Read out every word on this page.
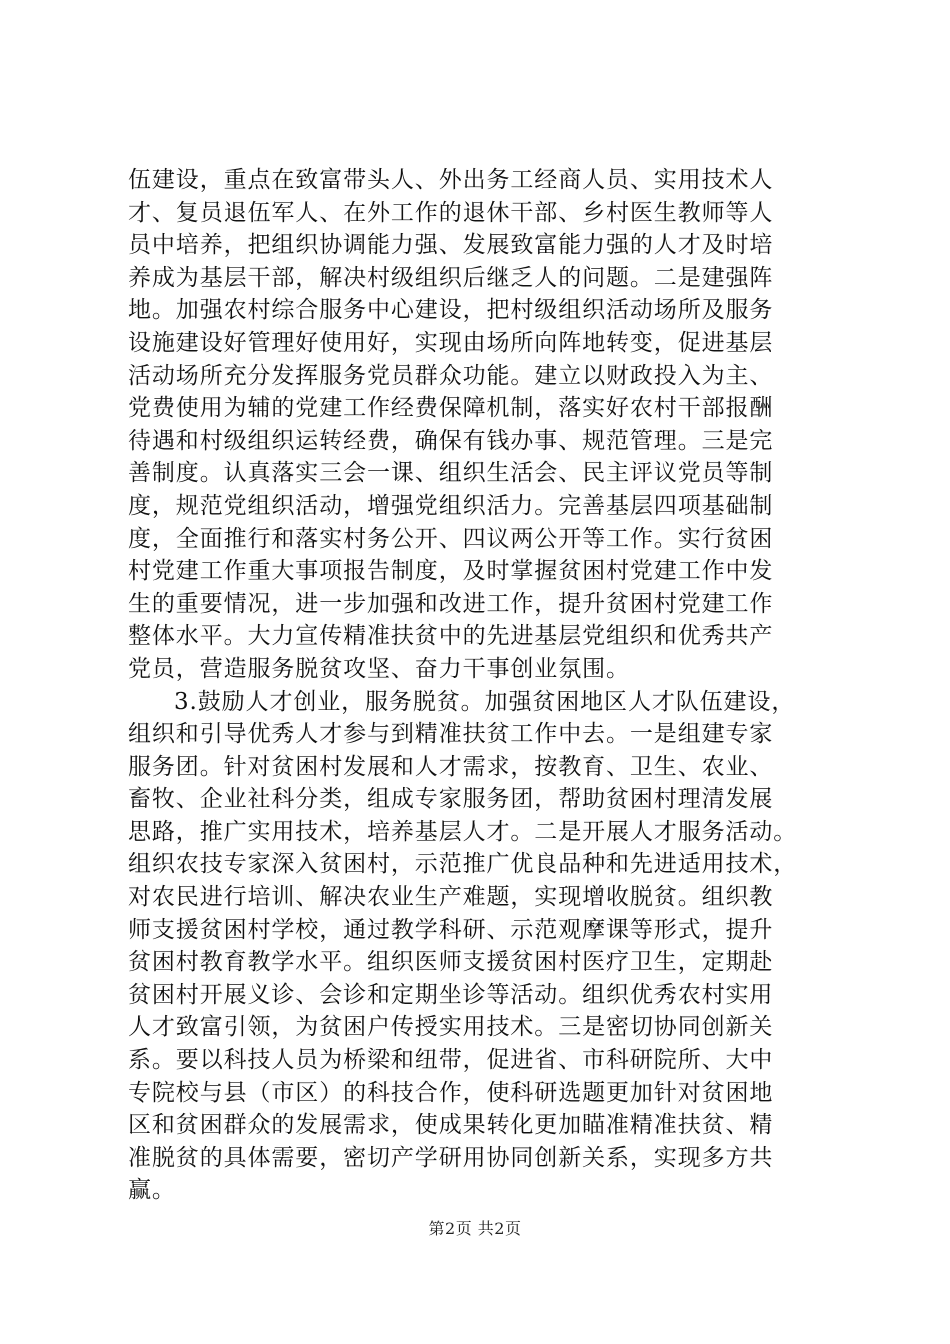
伍建设，重点在致富带头人、外出务工经商人员、实用技术人
才、复员退伍军人、在外工作的退休干部、乡村医生教师等人
员中培养，把组织协调能力强、发展致富能力强的人才及时培
养成为基层干部，解决村级组织后继乏人的问题。二是建强阵
地。加强农村综合服务中心建设，把村级组织活动场所及服务
设施建设好管理好使用好，实现由场所向阵地转变，促进基层
活动场所充分发挥服务党员群众功能。建立以财政投入为主、
党费使用为辅的党建工作经费保障机制，落实好农村干部报酬
待遇和村级组织运转经费，确保有钱办事、规范管理。三是完
善制度。认真落实三会一课、组织生活会、民主评议党员等制
度，规范党组织活动，增强党组织活力。完善基层四项基础制
度，全面推行和落实村务公开、四议两公开等工作。实行贫困
村党建工作重大事项报告制度，及时掌握贫困村党建工作中发
生的重要情况，进一步加强和改进工作，提升贫困村党建工作
整体水平。大力宣传精准扶贫中的先进基层党组织和优秀共产
党员，营造服务脱贫攻坚、奋力干事创业氛围。
3.鼓励人才创业，服务脱贫。加强贫困地区人才队伍建设，
组织和引导优秀人才参与到精准扶贫工作中去。一是组建专家
服务团。针对贫困村发展和人才需求，按教育、卫生、农业、
畜牧、企业社科分类，组成专家服务团，帮助贫困村理清发展
思路，推广实用技术，培养基层人才。二是开展人才服务活动。
组织农技专家深入贫困村，示范推广优良品种和先进适用技术，
对农民进行培训、解决农业生产难题，实现增收脱贫。组织教
师支援贫困村学校，通过教学科研、示范观摩课等形式，提升
贫困村教育教学水平。组织医师支援贫困村医疗卫生，定期赴
贫困村开展义诊、会诊和定期坐诊等活动。组织优秀农村实用
人才致富引领，为贫困户传授实用技术。三是密切协同创新关
系。要以科技人员为桥梁和纽带，促进省、市科研院所、大中
专院校与县（市区）的科技合作，使科研选题更加针对贫困地
区和贫困群众的发展需求，使成果转化更加瞄准精准扶贫、精
准脱贫的具体需要，密切产学研用协同创新关系，实现多方共
赢。
第2页 共2页
